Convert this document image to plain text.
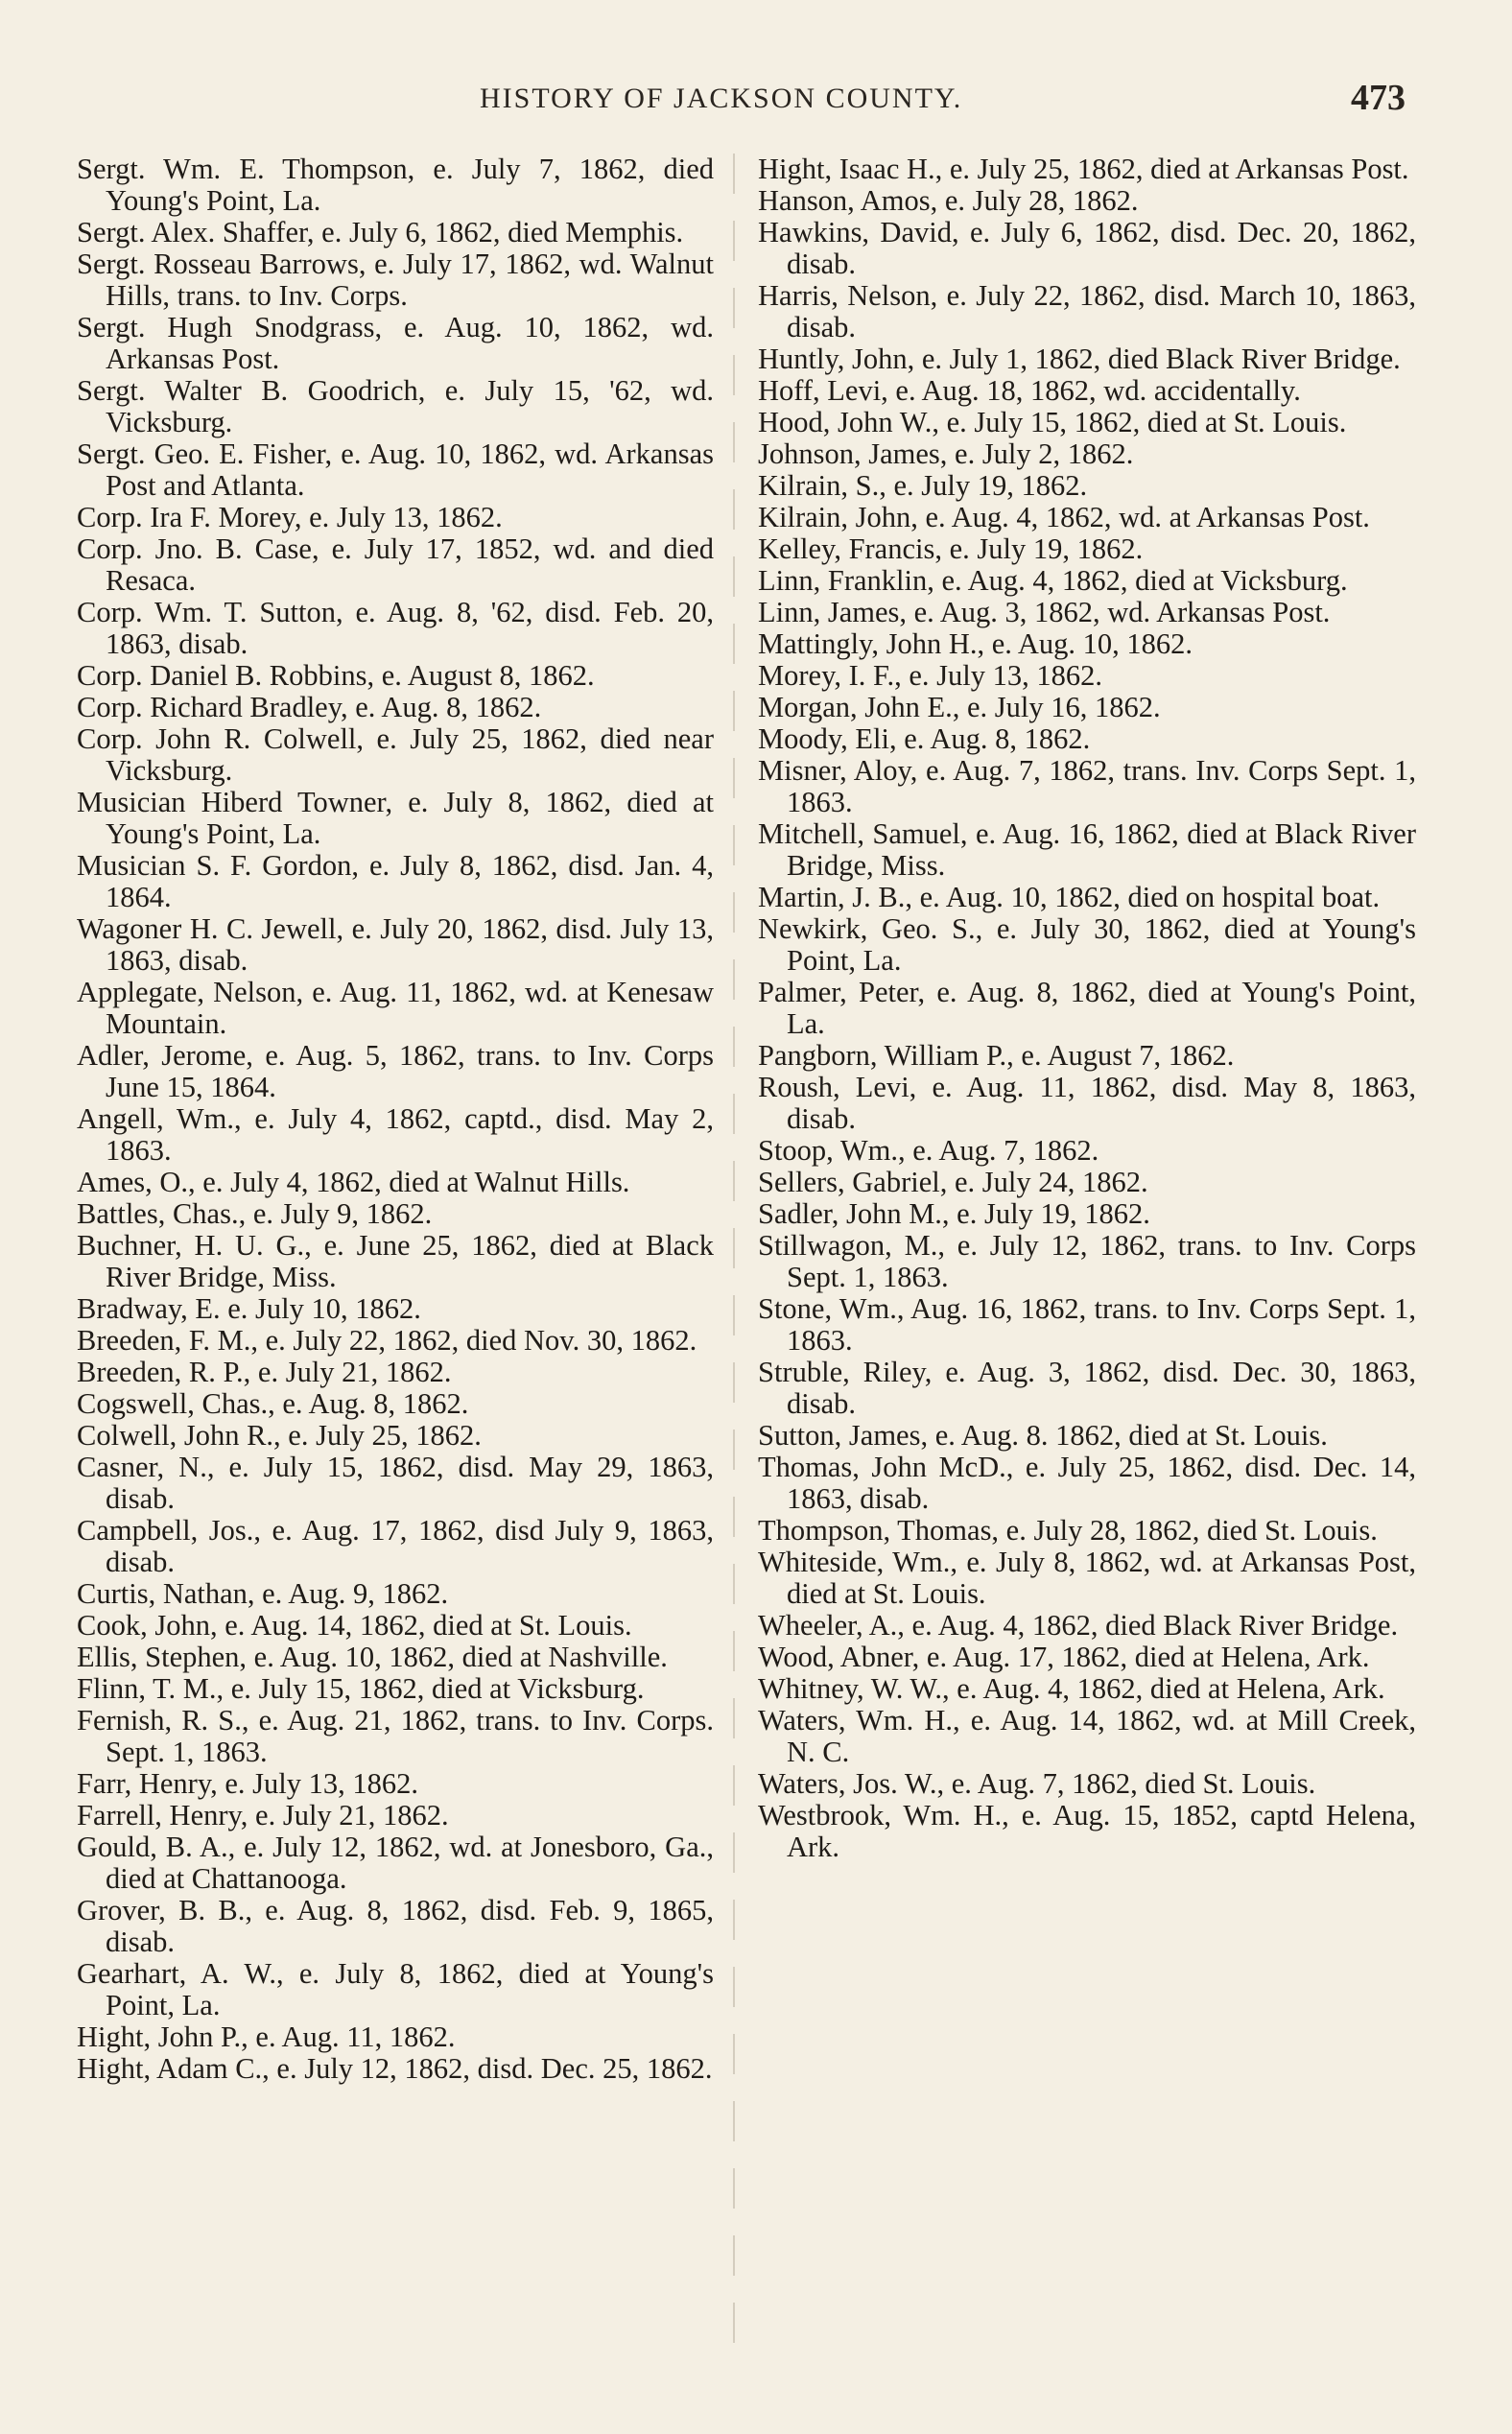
HISTORY OF JACKSON COUNTY.	473
Sergt. Wm. E. Thompson, e. July 7, 1862, died Young's Point, La.
Sergt. Alex. Shaffer, e. July 6, 1862, died Memphis.
Sergt. Rosseau Barrows, e. July 17, 1862, wd. Walnut Hills, trans. to Inv. Corps.
Sergt. Hugh Snodgrass, e. Aug. 10, 1862, wd. Arkansas Post.
Sergt. Walter B. Goodrich, e. July 15, '62, wd. Vicksburg.
Sergt. Geo. E. Fisher, e. Aug. 10, 1862, wd. Arkansas Post and Atlanta.
Corp. Ira F. Morey, e. July 13, 1862.
Corp. Jno. B. Case, e. July 17, 1852, wd. and died Resaca.
Corp. Wm. T. Sutton, e. Aug. 8, '62, disd. Feb. 20, 1863, disab.
Corp. Daniel B. Robbins, e. August 8, 1862.
Corp. Richard Bradley, e. Aug. 8, 1862.
Corp. John R. Colwell, e. July 25, 1862, died near Vicksburg.
Musician Hiberd Towner, e. July 8, 1862, died at Young's Point, La.
Musician S. F. Gordon, e. July 8, 1862, disd. Jan. 4, 1864.
Wagoner H. C. Jewell, e. July 20, 1862, disd. July 13, 1863, disab.
Applegate, Nelson, e. Aug. 11, 1862, wd. at Kenesaw Mountain.
Adler, Jerome, e. Aug. 5, 1862, trans. to Inv. Corps June 15, 1864.
Angell, Wm., e. July 4, 1862, captd., disd. May 2, 1863.
Ames, O., e. July 4, 1862, died at Walnut Hills.
Battles, Chas., e. July 9, 1862.
Buchner, H. U. G., e. June 25, 1862, died at Black River Bridge, Miss.
Bradway, E. e. July 10, 1862.
Breeden, F. M., e. July 22, 1862, died Nov. 30, 1862.
Breeden, R. P., e. July 21, 1862.
Cogswell, Chas., e. Aug. 8, 1862.
Colwell, John R., e. July 25, 1862.
Casner, N., e. July 15, 1862, disd. May 29, 1863, disab.
Campbell, Jos., e. Aug. 17, 1862, disd July 9, 1863, disab.
Curtis, Nathan, e. Aug. 9, 1862.
Cook, John, e. Aug. 14, 1862, died at St. Louis.
Ellis, Stephen, e. Aug. 10, 1862, died at Nashville.
Flinn, T. M., e. July 15, 1862, died at Vicksburg.
Fernish, R. S., e. Aug. 21, 1862, trans. to Inv. Corps. Sept. 1, 1863.
Farr, Henry, e. July 13, 1862.
Farrell, Henry, e. July 21, 1862.
Gould, B. A., e. July 12, 1862, wd. at Jonesboro, Ga., died at Chattanooga.
Grover, B. B., e. Aug. 8, 1862, disd. Feb. 9, 1865, disab.
Gearhart, A. W., e. July 8, 1862, died at Young's Point, La.
Hight, John P., e. Aug. 11, 1862.
Hight, Adam C., e. July 12, 1862, disd. Dec. 25, 1862.
Hight, Isaac H., e. July 25, 1862, died at Arkansas Post.
Hanson, Amos, e. July 28, 1862.
Hawkins, David, e. July 6, 1862, disd. Dec. 20, 1862, disab.
Harris, Nelson, e. July 22, 1862, disd. March 10, 1863, disab.
Huntly, John, e. July 1, 1862, died Black River Bridge.
Hoff, Levi, e. Aug. 18, 1862, wd. accidentally.
Hood, John W., e. July 15, 1862, died at St. Louis.
Johnson, James, e. July 2, 1862.
Kilrain, S., e. July 19, 1862.
Kilrain, John, e. Aug. 4, 1862, wd. at Arkansas Post.
Kelley, Francis, e. July 19, 1862.
Linn, Franklin, e. Aug. 4, 1862, died at Vicksburg.
Linn, James, e. Aug. 3, 1862, wd. Arkansas Post.
Mattingly, John H., e. Aug. 10, 1862.
Morey, I. F., e. July 13, 1862.
Morgan, John E., e. July 16, 1862.
Moody, Eli, e. Aug. 8, 1862.
Misner, Aloy, e. Aug. 7, 1862, trans. Inv. Corps Sept. 1, 1863.
Mitchell, Samuel, e. Aug. 16, 1862, died at Black River Bridge, Miss.
Martin, J. B., e. Aug. 10, 1862, died on hospital boat.
Newkirk, Geo. S., e. July 30, 1862, died at Young's Point, La.
Palmer, Peter, e. Aug. 8, 1862, died at Young's Point, La.
Pangborn, William P., e. August 7, 1862.
Roush, Levi, e. Aug. 11, 1862, disd. May 8, 1863, disab.
Stoop, Wm., e. Aug. 7, 1862.
Sellers, Gabriel, e. July 24, 1862.
Sadler, John M., e. July 19, 1862.
Stillwagon, M., e. July 12, 1862, trans. to Inv. Corps Sept. 1, 1863.
Stone, Wm., Aug. 16, 1862, trans. to Inv. Corps Sept. 1, 1863.
Struble, Riley, e. Aug. 3, 1862, disd. Dec. 30, 1863, disab.
Sutton, James, e. Aug. 8. 1862, died at St. Louis.
Thomas, John McD., e. July 25, 1862, disd. Dec. 14, 1863, disab.
Thompson, Thomas, e. July 28, 1862, died St. Louis.
Whiteside, Wm., e. July 8, 1862, wd. at Arkansas Post, died at St. Louis.
Wheeler, A., e. Aug. 4, 1862, died Black River Bridge.
Wood, Abner, e. Aug. 17, 1862, died at Helena, Ark.
Whitney, W. W., e. Aug. 4, 1862, died at Helena, Ark.
Waters, Wm. H., e. Aug. 14, 1862, wd. at Mill Creek, N. C.
Waters, Jos. W., e. Aug. 7, 1862, died St. Louis.
Westbrook, Wm. H., e. Aug. 15, 1852, captd Helena, Ark.
